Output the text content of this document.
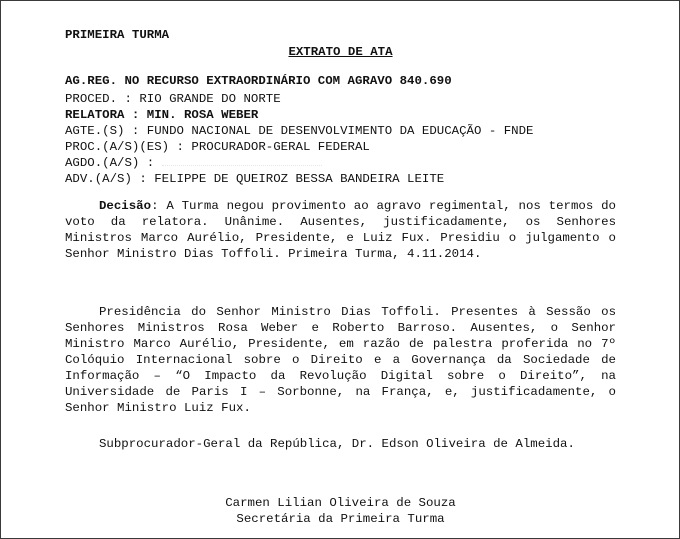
PRIMEIRA TURMA
EXTRATO DE ATA
AG.REG. NO RECURSO EXTRAORDINÁRIO COM AGRAVO 840.690
PROCED. : RIO GRANDE DO NORTE
RELATORA : MIN. ROSA WEBER
AGTE.(S) : FUNDO NACIONAL DE DESENVOLVIMENTO DA EDUCAÇÃO - FNDE
PROC.(A/S)(ES) : PROCURADOR-GERAL FEDERAL
AGDO.(A/S) :
ADV.(A/S) : FELIPPE DE QUEIROZ BESSA BANDEIRA LEITE
Decisão: A Turma negou provimento ao agravo regimental, nos termos do voto da relatora. Unânime. Ausentes, justificadamente, os Senhores Ministros Marco Aurélio, Presidente, e Luiz Fux. Presidiu o julgamento o Senhor Ministro Dias Toffoli. Primeira Turma, 4.11.2014.
Presidência do Senhor Ministro Dias Toffoli. Presentes à Sessão os Senhores Ministros Rosa Weber e Roberto Barroso. Ausentes, o Senhor Ministro Marco Aurélio, Presidente, em razão de palestra proferida no 7º Colóquio Internacional sobre o Direito e a Governança da Sociedade de Informação – “O Impacto da Revolução Digital sobre o Direito”, na Universidade de Paris I – Sorbonne, na França, e, justificadamente, o Senhor Ministro Luiz Fux.
Subprocurador-Geral da República, Dr. Edson Oliveira de Almeida.
Carmen Lilian Oliveira de Souza
Secretária da Primeira Turma
